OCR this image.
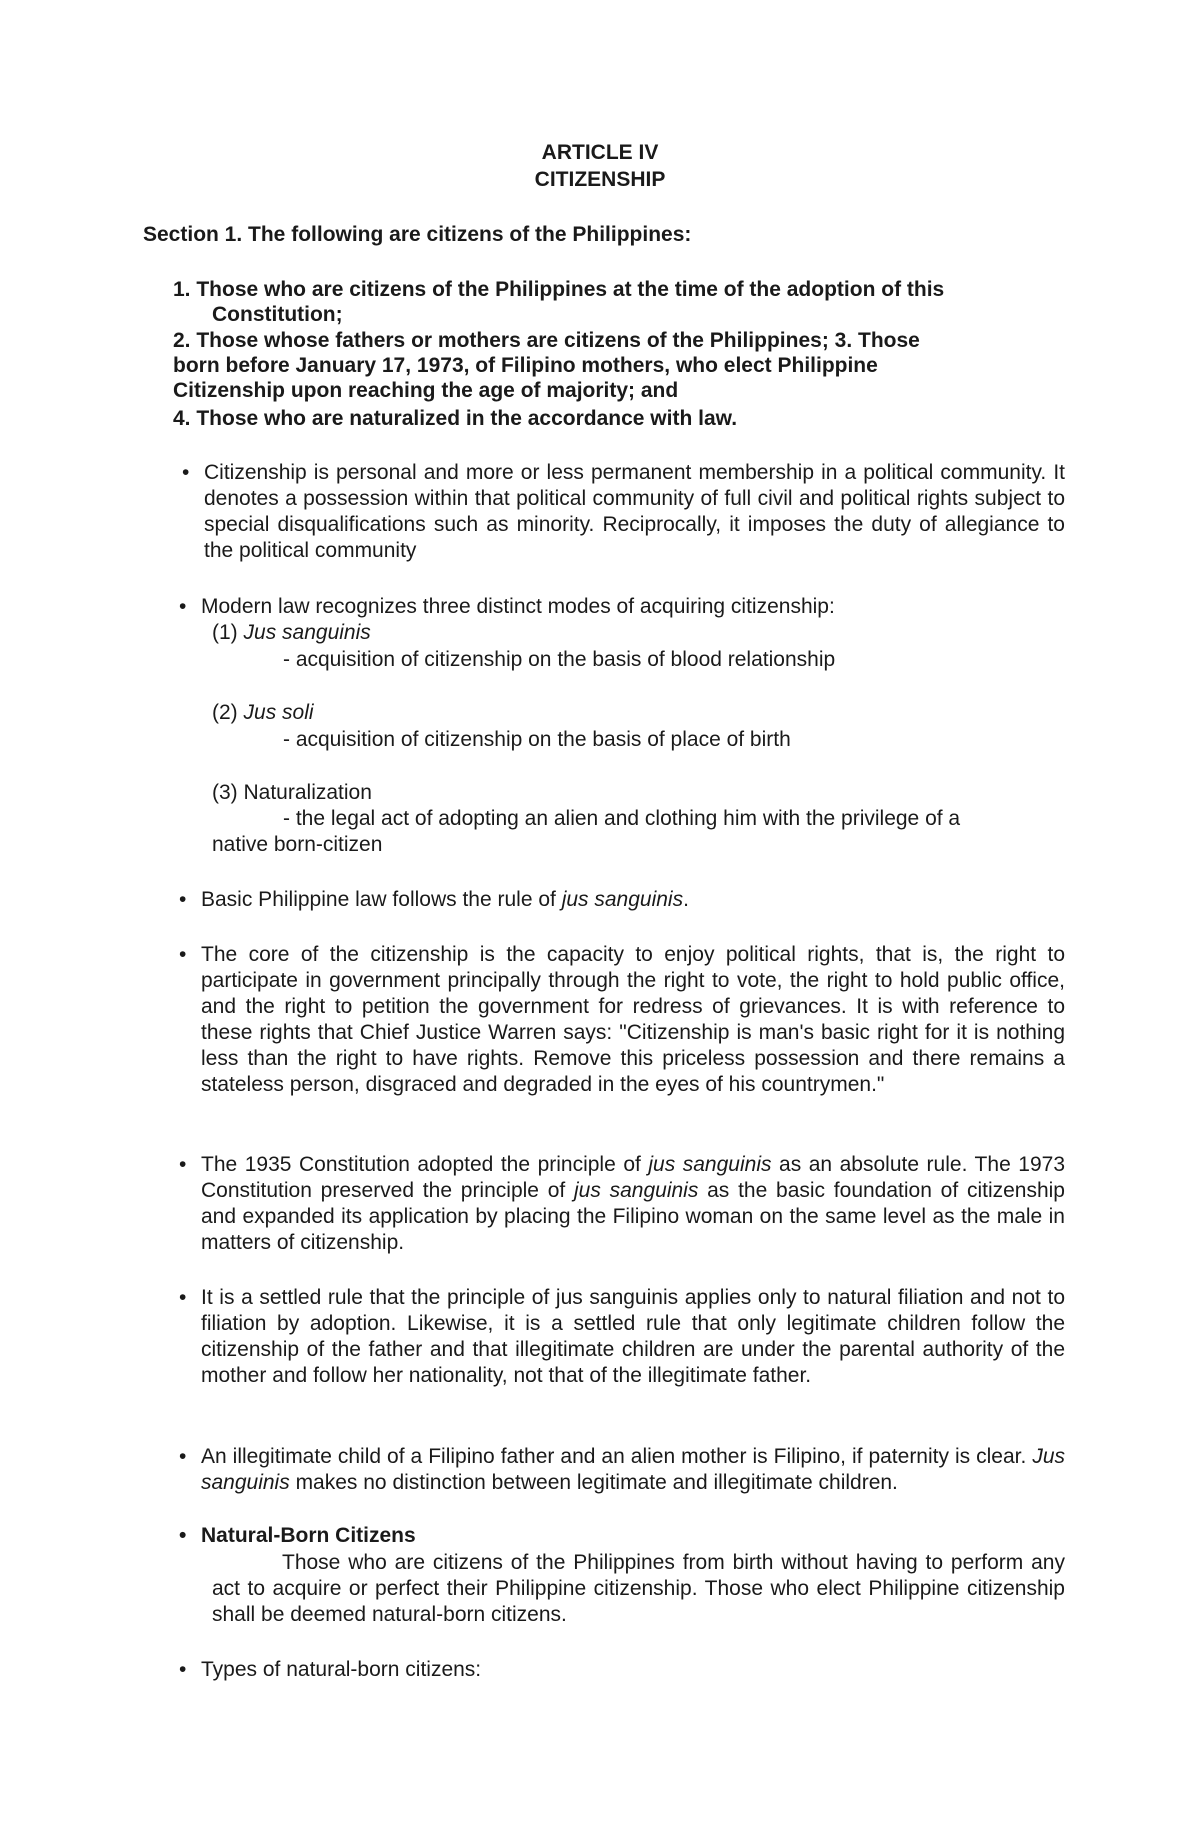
ARTICLE IV
CITIZENSHIP
Section 1. The following are citizens of the Philippines:
1. Those who are citizens of the Philippines at the time of the adoption of this
Constitution;
2. Those whose fathers or mothers are citizens of the Philippines; 3. Those
born before January 17, 1973, of Filipino mothers, who elect Philippine
Citizenship upon reaching the age of majority; and
4. Those who are naturalized in the accordance with law.
• Citizenship is personal and more or less permanent membership in a political community. It denotes a possession within that political community of full civil and political rights subject to special disqualifications such as minority. Reciprocally, it imposes the duty of allegiance to the political community
• Modern law recognizes three distinct modes of acquiring citizenship:
(1) Jus sanguinis
- acquisition of citizenship on the basis of blood relationship
(2) Jus soli
- acquisition of citizenship on the basis of place of birth
(3) Naturalization
- the legal act of adopting an alien and clothing him with the privilege of a
native born-citizen
• Basic Philippine law follows the rule of jus sanguinis.
• The core of the citizenship is the capacity to enjoy political rights, that is, the right to participate in government principally through the right to vote, the right to hold public office, and the right to petition the government for redress of grievances. It is with reference to these rights that Chief Justice Warren says: "Citizenship is man's basic right for it is nothing less than the right to have rights. Remove this priceless possession and there remains a stateless person, disgraced and degraded in the eyes of his countrymen."
• The 1935 Constitution adopted the principle of jus sanguinis as an absolute rule. The 1973 Constitution preserved the principle of jus sanguinis as the basic foundation of citizenship and expanded its application by placing the Filipino woman on the same level as the male in matters of citizenship.
• It is a settled rule that the principle of jus sanguinis applies only to natural filiation and not to filiation by adoption. Likewise, it is a settled rule that only legitimate children follow the citizenship of the father and that illegitimate children are under the parental authority of the mother and follow her nationality, not that of the illegitimate father.
• An illegitimate child of a Filipino father and an alien mother is Filipino, if paternity is clear. Jus sanguinis makes no distinction between legitimate and illegitimate children.
• Natural-Born Citizens
Those who are citizens of the Philippines from birth without having to perform any act to acquire or perfect their Philippine citizenship. Those who elect Philippine citizenship shall be deemed natural-born citizens.
• Types of natural-born citizens:
